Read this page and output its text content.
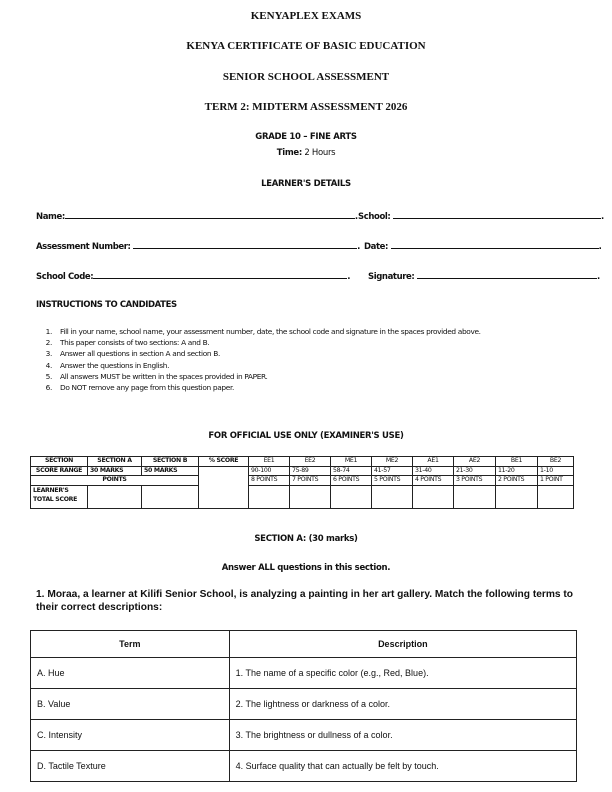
KENYAPLEX EXAMS
KENYA CERTIFICATE OF BASIC EDUCATION
SENIOR SCHOOL ASSESSMENT
TERM 2: MIDTERM ASSESSMENT 2026
GRADE 10 – FINE ARTS
Time: 2 Hours
LEARNER'S DETAILS
Name:	. School:	.
Assessment Number:	. Date:	.
School Code:	. Signature:	.
INSTRUCTIONS TO CANDIDATES
1. Fill in your name, school name, your assessment number, date, the school code and signature in the spaces provided above.
2. This paper consists of two sections: A and B.
3. Answer all questions in section A and section B.
4. Answer the questions in English.
5. All answers MUST be written in the spaces provided in PAPER.
6. Do NOT remove any page from this question paper.
FOR OFFICIAL USE ONLY (EXAMINER'S USE)
SECTION	SECTION A	SECTION B	% SCORE	EE1	EE2	ME1	ME2	AE1	AE2	BE1	BE2
SCORE RANGE	30 MARKS	50 MARKS		90-100	75-89	58-74	41-57	31-40	21-30	11-20	1-10
POINTS				8 POINTS	7 POINTS	6 POINTS	5 POINTS	4 POINTS	3 POINTS	2 POINTS	1 POINT
LEARNER'S
TOTAL SCORE											
SECTION A: (30 marks)
Answer ALL questions in this section.
1. Moraa, a learner at Kilifi Senior School, is analyzing a painting in her art gallery. Match the following terms to their correct descriptions:
Term	Description
A. Hue	1. The name of a specific color (e.g., Red, Blue).
B. Value	2. The lightness or darkness of a color.
C. Intensity	3. The brightness or dullness of a color.
D. Tactile Texture	4. Surface quality that can actually be felt by touch.
